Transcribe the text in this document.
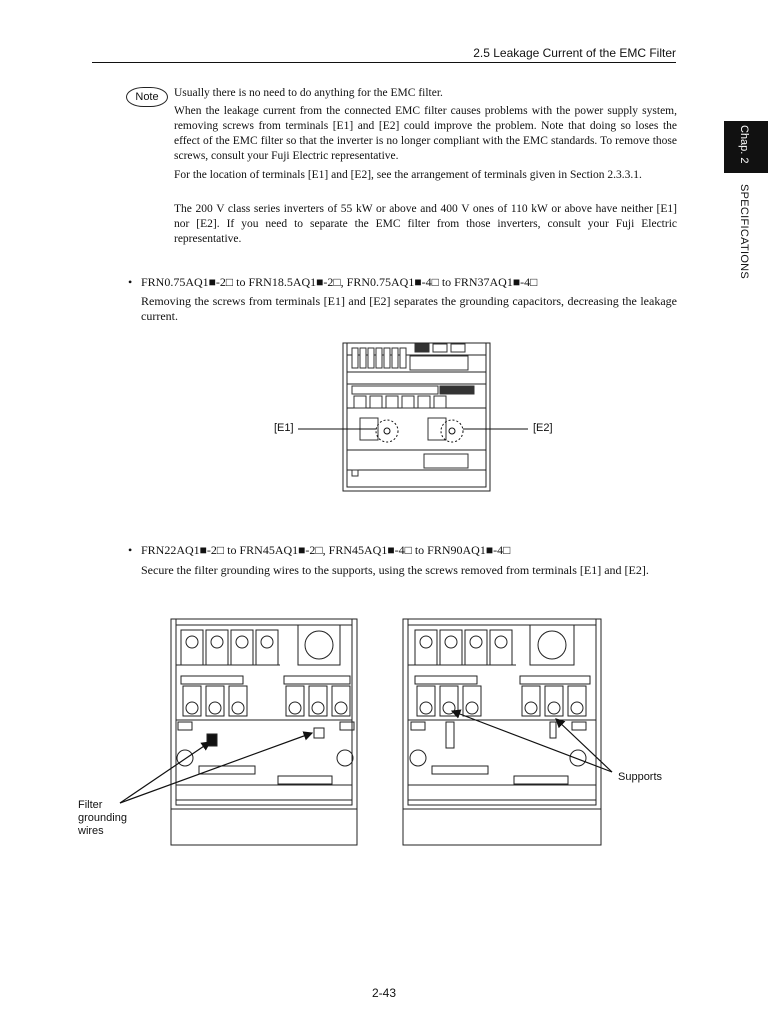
2.5 Leakage Current of the EMC Filter
Chap. 2
SPECIFICATIONS
Note	Usually there is no need to do anything for the EMC filter.
When the leakage current from the connected EMC filter causes problems with the power supply system, removing screws from terminals [E1] and [E2] could improve the problem. Note that doing so loses the effect of the EMC filter so that the inverter is no longer compliant with the EMC standards. To remove those screws, consult your Fuji Electric representative.
For the location of terminals [E1] and [E2], see the arrangement of terminals given in Section 2.3.3.1.
The 200 V class series inverters of 55 kW or above and 400 V ones of 110 kW or above have neither [E1] nor [E2]. If you need to separate the EMC filter from those inverters, consult your Fuji Electric representative.
• FRN0.75AQ1■-2□ to FRN18.5AQ1■-2□, FRN0.75AQ1■-4□ to FRN37AQ1■-4□
Removing the screws from terminals [E1] and [E2] separates the grounding capacitors, decreasing the leakage current.
[E1]	[E2]
• FRN22AQ1■-2□ to FRN45AQ1■-2□, FRN45AQ1■-4□ to FRN90AQ1■-4□
Secure the filter grounding wires to the supports, using the screws removed from terminals [E1] and [E2].
Supports
Filter
grounding
wires
2-43
